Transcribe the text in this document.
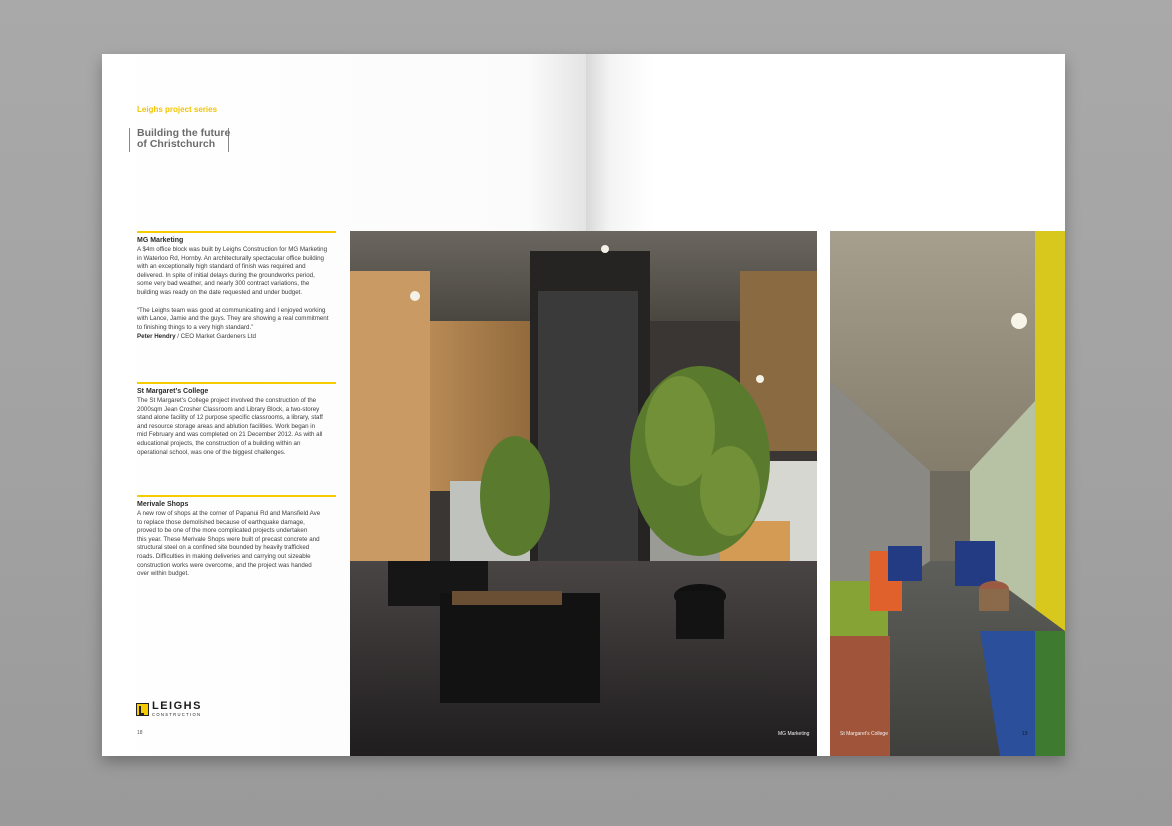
Leighs project series

Building the future
of Christchurch
MG Marketing

A $4m office block was built by Leighs Construction for MG Marketing
in Waterloo Rd, Hornby. An architecturally spectacular office building
with an exceptionally high standard of finish was required and
delivered. In spite of initial delays during the groundworks period,
some very bad weather, and nearly 300 contract variations, the
building was ready on the date requested and under budget.

“The Leighs team was good at communicating and I enjoyed working
with Lance, Jamie and the guys. They are showing a real commitment
to finishing things to a very high standard.”

Peter Hendry / CEO Market Gardeners Ltd

St Margaret’s College

The St Margaret’s College project involved the construction of the
2000sqm Jean Crosher Classroom and Library Block, a two-storey
stand alone facility of 12 purpose specific classrooms, a library, staff
and resource storage areas and ablution facilities. Work began in
mid February and was completed on 21 December 2012. As with all
educational projects, the construction of a building within an
operational school, was one of the biggest challenges.

Merivale Shops

A new row of shops at the corner of Papanui Rd and Mansfield Ave
to replace those demolished because of earthquake damage,
proved to be one of the more complicated projects undertaken
this year. These Merivale Shops were built of precast concrete and
structural steel on a confined site bounded by heavily trafficked
roads. Difficulties in making deliveries and carrying out sizeable
construction works were overcome, and the project was handed
over within budget.

LEIGHS
CONSTRUCTION
18	MG Marketing	St Margaret’s College	19
